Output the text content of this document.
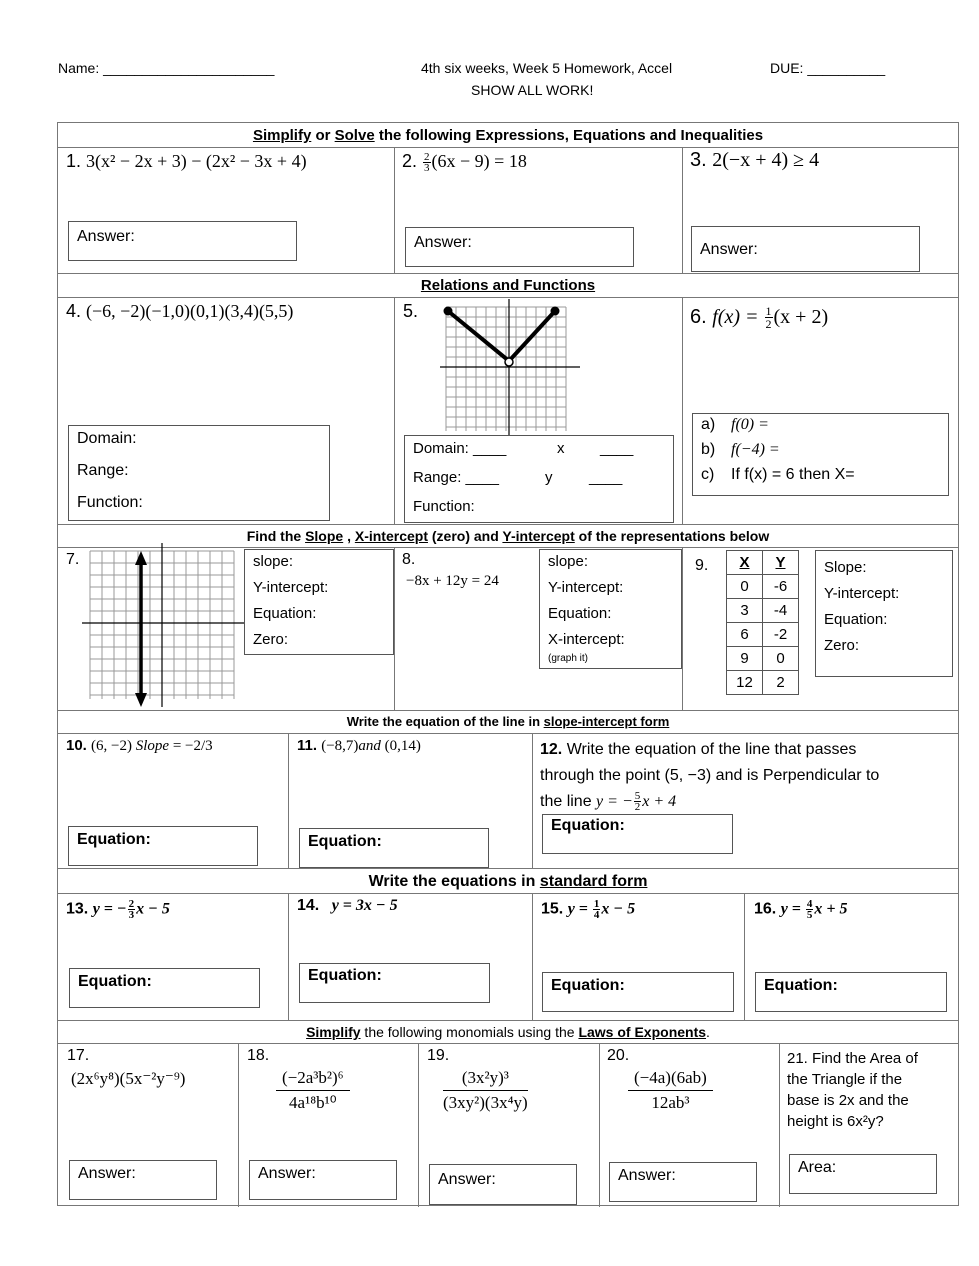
Name: ______________________	4th six weeks, Week 5 Homework, Accel	DUE: __________
SHOW ALL WORK!
Simplify or Solve the following Expressions, Equations and Inequalities
1. 3(x² − 2x + 3) − (2x² − 3x + 4)
Answer:
2. $\frac{2}{3} (6x - 9) = 18$
Answer:
3. 2(−x + 4) ≥ 4
Answer:
Relations and Functions
4. (−6, −2)(−1,0)(0,1)(3,4)(5,5)
Domain:
Range:
Function:
5.
Domain: ____	x ____
Range: ____	y ____
Function:
6. $f(x) = \frac{1}{2} (x + 2)$
a) f(0) =
b) f(−4) =
c) If f(x) = 6 then X=
Find the Slope , X-intercept (zero) and Y-intercept of the representations below
7.	slope:
Y-intercept:
Equation:
Zero:
8.
−8x + 12y = 24
slope:
Y-intercept:
Equation:
X-intercept:
(graph it)
9. X	Y
0	-6
3	-4
6	-2
9	0
12	2
Slope:
Y-intercept:
Equation:
Zero:
Write the equation of the line in slope-intercept form
10. (6, −2) Slope = −2/3
Equation:
11. (−8,7)and (0,14)
Equation:
12. Write the equation of the line that passes
through the point (5, −3) and is Perpendicular to
the line y = − $\frac{5}{2}$ x + 4
Equation:
Write the equations in standard form
13. y = − $\frac{2}{3}$ x − 5
Equation:
14.   y = 3x − 5
Equation:
15. $y = \frac{1}{4}$ x − 5
Equation:
16. $y = \frac{4}{5}$ x + 5
Equation:
Simplify the following monomials using the Laws of Exponents.
17.
(2x⁶y⁸)(5x⁻²y⁻⁹)
Answer:
18.
$\frac{\text{(−2a³b²)⁶}}{\text{4a¹⁸b¹⁰}}$
Answer:
19.
$\frac{\text{(3x²y)³}}{\text{(3xy²)(3x⁴y)}}$
Answer:
20.
$\frac{(-4a)(6ab)}{\text{12ab³}}$
Answer:
21. Find the Area of
the Triangle if the
base is 2x and the
height is 6x²y?
Area:
